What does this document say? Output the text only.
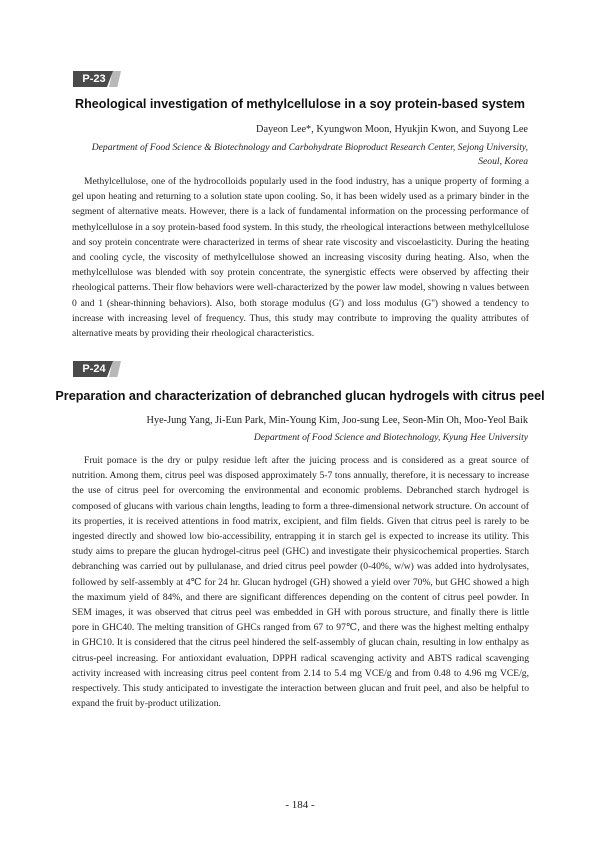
P-23
Rheological investigation of methylcellulose in a soy protein-based system
Dayeon Lee*, Kyungwon Moon, Hyukjin Kwon, and Suyong Lee
Department of Food Science & Biotechnology and Carbohydrate Bioproduct Research Center, Sejong University, Seoul, Korea

Methylcellulose, one of the hydrocolloids popularly used in the food industry, has a unique property of forming a gel upon heating and returning to a solution state upon cooling. So, it has been widely used as a primary binder in the segment of alternative meats. However, there is a lack of fundamental information on the processing performance of methylcellulose in a soy protein-based food system. In this study, the rheological interactions between methylcellulose and soy protein concentrate were characterized in terms of shear rate viscosity and viscoelasticity. During the heating and cooling cycle, the viscosity of methylcellulose showed an increasing viscosity during heating. Also, when the methylcellulose was blended with soy protein concentrate, the synergistic effects were observed by affecting their rheological patterns. Their flow behaviors were well-characterized by the power law model, showing n values between 0 and 1 (shear-thinning behaviors). Also, both storage modulus (G') and loss modulus (G'') showed a tendency to increase with increasing level of frequency. Thus, this study may contribute to improving the quality attributes of alternative meats by providing their rheological characteristics.

P-24
Preparation and characterization of debranched glucan hydrogels with citrus peel
Hye-Jung Yang, Ji-Eun Park, Min-Young Kim, Joo-sung Lee, Seon-Min Oh, Moo-Yeol Baik
Department of Food Science and Biotechnology, Kyung Hee University

Fruit pomace is the dry or pulpy residue left after the juicing process and is considered as a great source of nutrition. Among them, citrus peel was disposed approximately 5-7 tons annually, therefore, it is necessary to increase the use of citrus peel for overcoming the environmental and economic problems. Debranched starch hydrogel is composed of glucans with various chain lengths, leading to form a three-dimensional network structure. On account of its properties, it is received attentions in food matrix, excipient, and film fields. Given that citrus peel is rarely to be ingested directly and showed low bio-accessibility, entrapping it in starch gel is expected to increase its utility. This study aims to prepare the glucan hydrogel-citrus peel (GHC) and investigate their physicochemical properties. Starch debranching was carried out by pullulanase, and dried citrus peel powder (0-40%, w/w) was added into hydrolysates, followed by self-assembly at 4℃ for 24 hr. Glucan hydrogel (GH) showed a yield over 70%, but GHC showed a high the maximum yield of 84%, and there are significant differences depending on the content of citrus peel powder. In SEM images, it was observed that citrus peel was embedded in GH with porous structure, and finally there is little pore in GHC40. The melting transition of GHCs ranged from 67 to 97℃, and there was the highest melting enthalpy in GHC10. It is considered that the citrus peel hindered the self-assembly of glucan chain, resulting in low enthalpy as citrus-peel increasing. For antioxidant evaluation, DPPH radical scavenging activity and ABTS radical scavenging activity increased with increasing citrus peel content from 2.14 to 5.4 mg VCE/g and from 0.48 to 4.96 mg VCE/g, respectively. This study anticipated to investigate the interaction between glucan and fruit peel, and also be helpful to expand the fruit by-product utilization.

- 184 -
